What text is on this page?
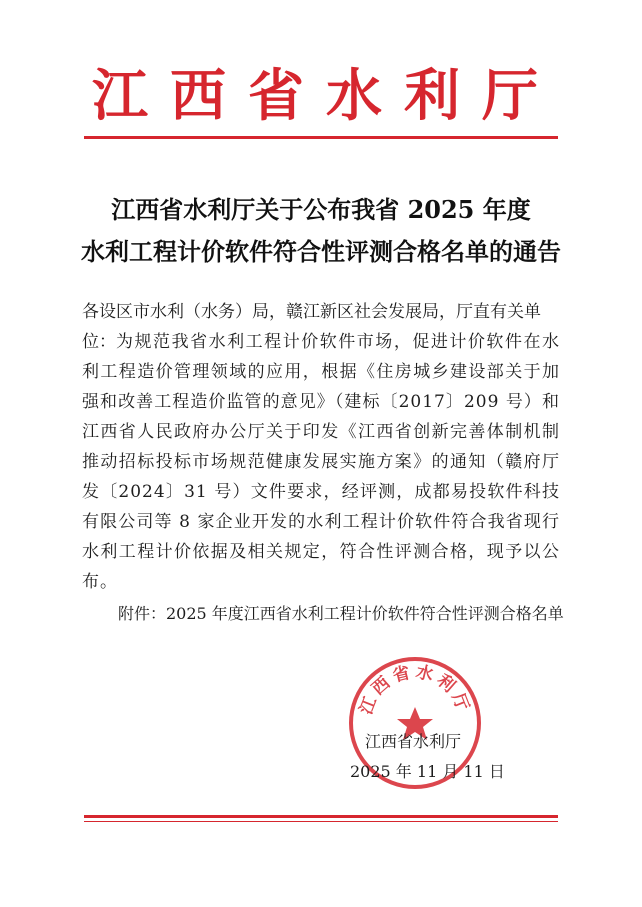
江西省水利厅
江西省水利厅关于公布我省 2025 年度
水利工程计价软件符合性评测合格名单的通告
各设区市水利（水务）局，赣江新区社会发展局，厅直有关单位： 为规范我省水利工程计价软件市场，促进计价软件在水利工程造价管理领域的应用，根据《住房城乡建设部关于加强和改善工程造价监管的意见》（建标〔2017〕209 号）和江西省人民政府办公厅关于印发《江西省创新完善体制机制推动招标投标市场规范健康发展实施方案》的通知（赣府厅发〔2024〕31 号）文件要求，经评测，成都易投软件科技有限公司等 8 家企业开发的水利工程计价软件符合我省现行水利工程计价依据及相关规定，符合性评测合格，现予以公布。
附件：2025 年度江西省水利工程计价软件符合性评测合格名单
江西省水利厅
江西省水利厅
2025 年 11 月 11 日
